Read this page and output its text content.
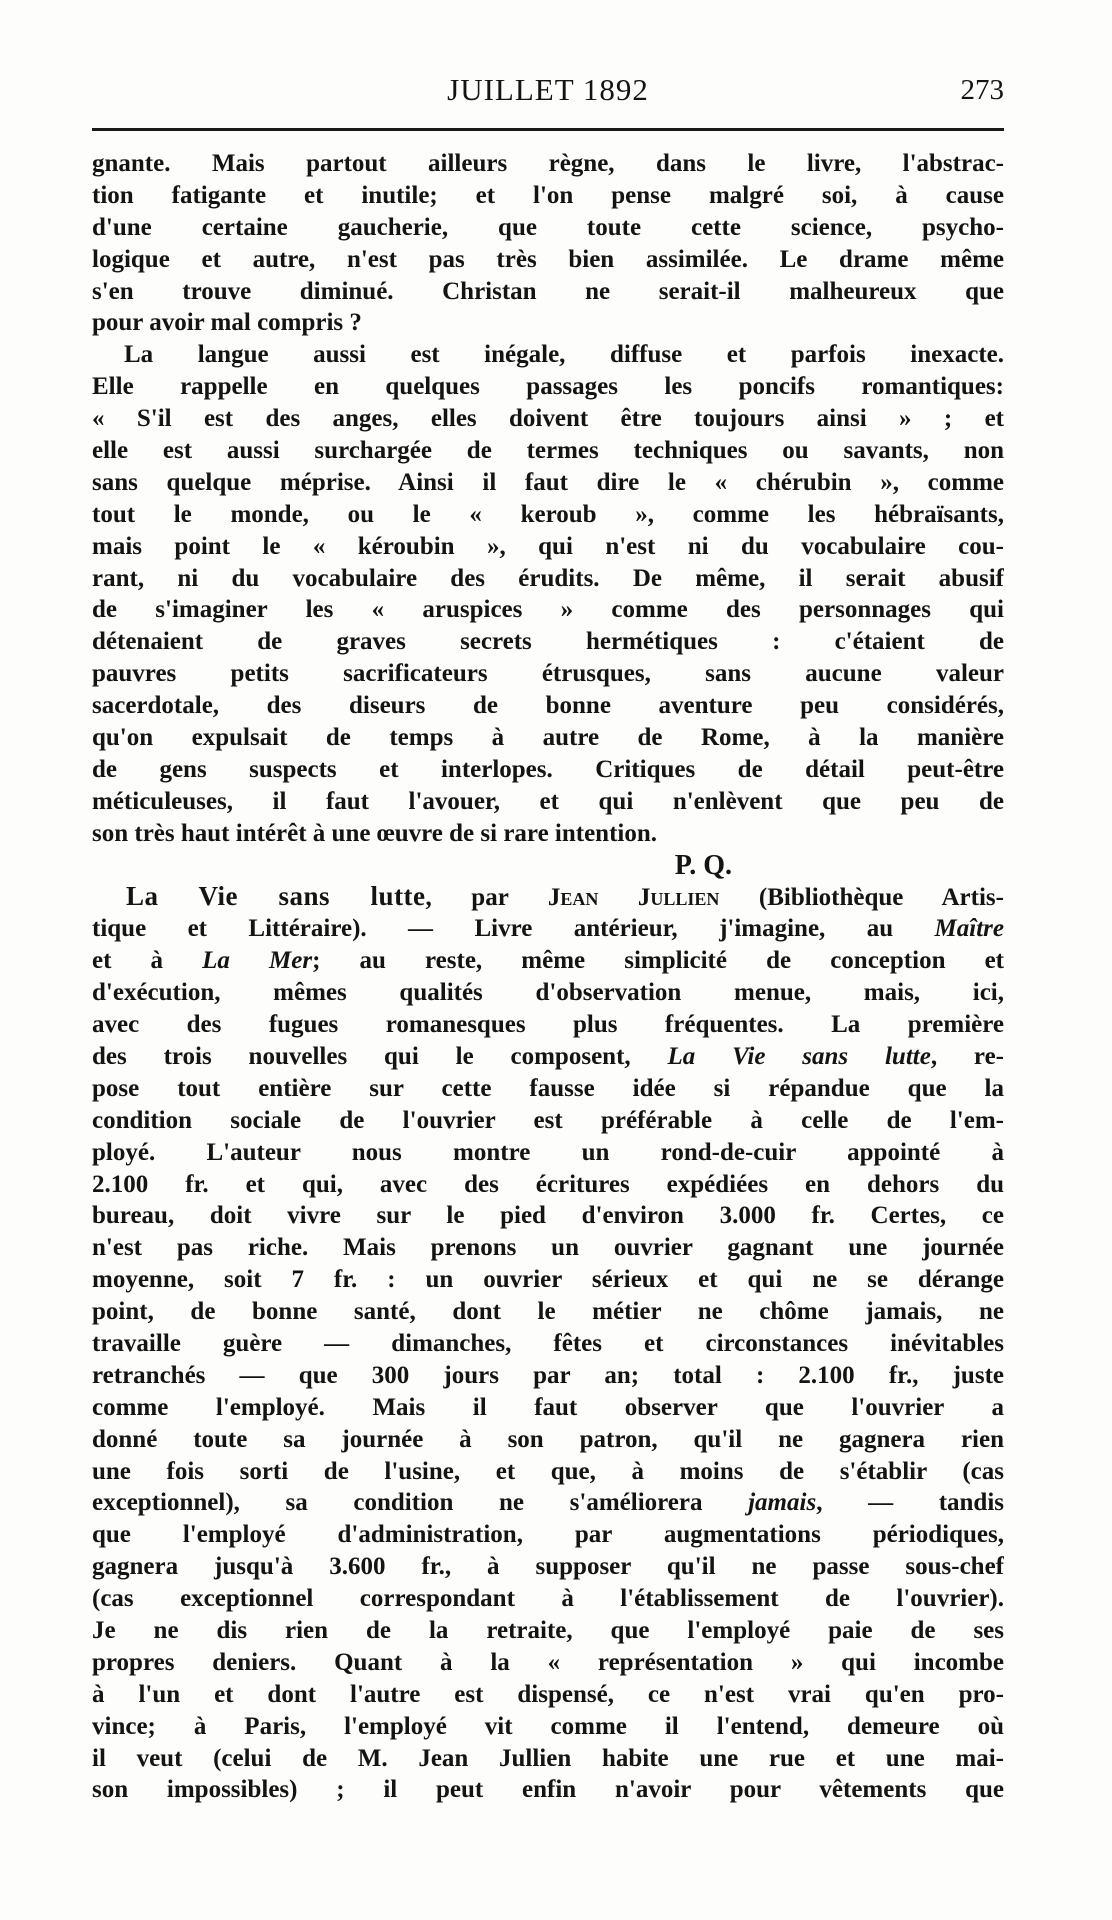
JUILLET 1892	273
gnante. Mais partout ailleurs règne, dans le livre, l'abstrac-
tion fatigante et inutile; et l'on pense malgré soi, à cause
d'une certaine gaucherie, que toute cette science, psycho-
logique et autre, n'est pas très bien assimilée. Le drame même
s'en trouve diminué. Christan ne serait-il malheureux que
pour avoir mal compris ?
La langue aussi est inégale, diffuse et parfois inexacte.
Elle rappelle en quelques passages les poncifs romantiques:
« S'il est des anges, elles doivent être toujours ainsi » ; et
elle est aussi surchargée de termes techniques ou savants, non
sans quelque méprise. Ainsi il faut dire le « chérubin », comme
tout le monde, ou le « keroub », comme les hébraïsants,
mais point le « kéroubin », qui n'est ni du vocabulaire cou-
rant, ni du vocabulaire des érudits. De même, il serait abusif
de s'imaginer les « aruspices » comme des personnages qui
détenaient de graves secrets hermétiques : c'étaient de
pauvres petits sacrificateurs étrusques, sans aucune valeur
sacerdotale, des diseurs de bonne aventure peu considérés,
qu'on expulsait de temps à autre de Rome, à la manière
de gens suspects et interlopes. Critiques de détail peut-être
méticuleuses, il faut l'avouer, et qui n'enlèvent que peu de
son très haut intérêt à une œuvre de si rare intention.
P. Q.
La Vie sans lutte, par Jean Jullien (Bibliothèque Artis-
tique et Littéraire). — Livre antérieur, j'imagine, au Maître
et à La Mer; au reste, même simplicité de conception et
d'exécution, mêmes qualités d'observation menue, mais, ici,
avec des fugues romanesques plus fréquentes. La première
des trois nouvelles qui le composent, La Vie sans lutte, re-
pose tout entière sur cette fausse idée si répandue que la
condition sociale de l'ouvrier est préférable à celle de l'em-
ployé. L'auteur nous montre un rond-de-cuir appointé à
2.100 fr. et qui, avec des écritures expédiées en dehors du
bureau, doit vivre sur le pied d'environ 3.000 fr. Certes, ce
n'est pas riche. Mais prenons un ouvrier gagnant une journée
moyenne, soit 7 fr. : un ouvrier sérieux et qui ne se dérange
point, de bonne santé, dont le métier ne chôme jamais, ne
travaille guère — dimanches, fêtes et circonstances inévitables
retranchés — que 300 jours par an; total : 2.100 fr., juste
comme l'employé. Mais il faut observer que l'ouvrier a
donné toute sa journée à son patron, qu'il ne gagnera rien
une fois sorti de l'usine, et que, à moins de s'établir (cas
exceptionnel), sa condition ne s'améliorera jamais, — tandis
que l'employé d'administration, par augmentations périodiques,
gagnera jusqu'à 3.600 fr., à supposer qu'il ne passe sous-chef
(cas exceptionnel correspondant à l'établissement de l'ouvrier).
Je ne dis rien de la retraite, que l'employé paie de ses
propres deniers. Quant à la « représentation » qui incombe
à l'un et dont l'autre est dispensé, ce n'est vrai qu'en pro-
vince; à Paris, l'employé vit comme il l'entend, demeure où
il veut (celui de M. Jean Jullien habite une rue et une mai-
son impossibles) ; il peut enfin n'avoir pour vêtements que
